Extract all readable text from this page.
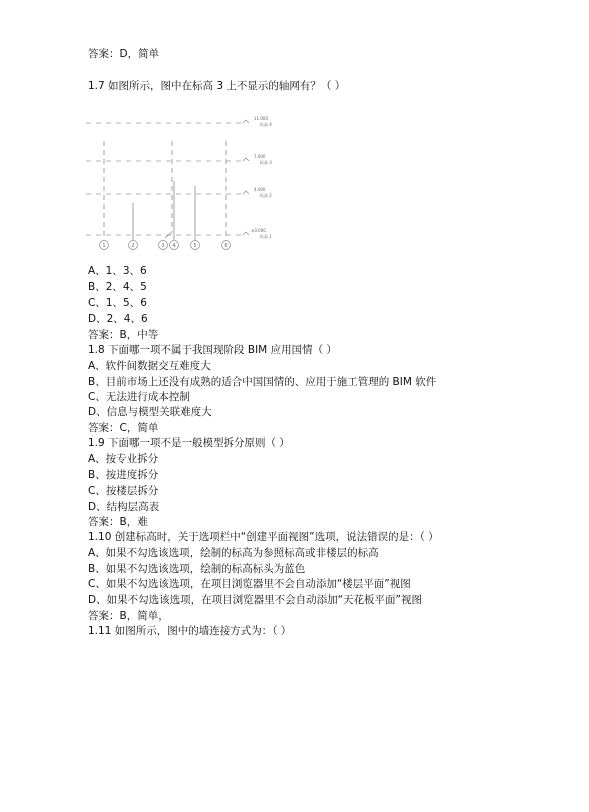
答案：D，简单
1.7 如图所示，图中在标高 3 上不显示的轴网有？（ ）
11.000
7.000
4.000
±0.000
标高 4
标高 3
标高 2
标高 1
1	2	3 4	5	6
A、1、3、6
B、2、4、5
C、1、5、6
D、2、4、6
答案：B，中等
1.8 下面哪一项不属于我国现阶段 BIM 应用国情（ ）
A、软件间数据交互难度大
B、目前市场上还没有成熟的适合中国国情的、应用于施工管理的 BIM 软件
C、无法进行成本控制
D、信息与模型关联难度大
答案：C，简单
1.9 下面哪一项不是一般模型拆分原则（ ）
A、按专业拆分
B、按进度拆分
C、按楼层拆分
D、结构层高表
答案：B，难
1.10 创建标高时，关于选项栏中“创建平面视图”选项，说法错误的是：（ ）
A、如果不勾选该选项，绘制的标高为参照标高或非楼层的标高
B、如果不勾选该选项，绘制的标高标头为蓝色
C、如果不勾选该选项，在项目浏览器里不会自动添加“楼层平面”视图
D、如果不勾选该选项，在项目浏览器里不会自动添加“天花板平面”视图
答案：B，简单，
1.11 如图所示，图中的墙连接方式为：（ ）
